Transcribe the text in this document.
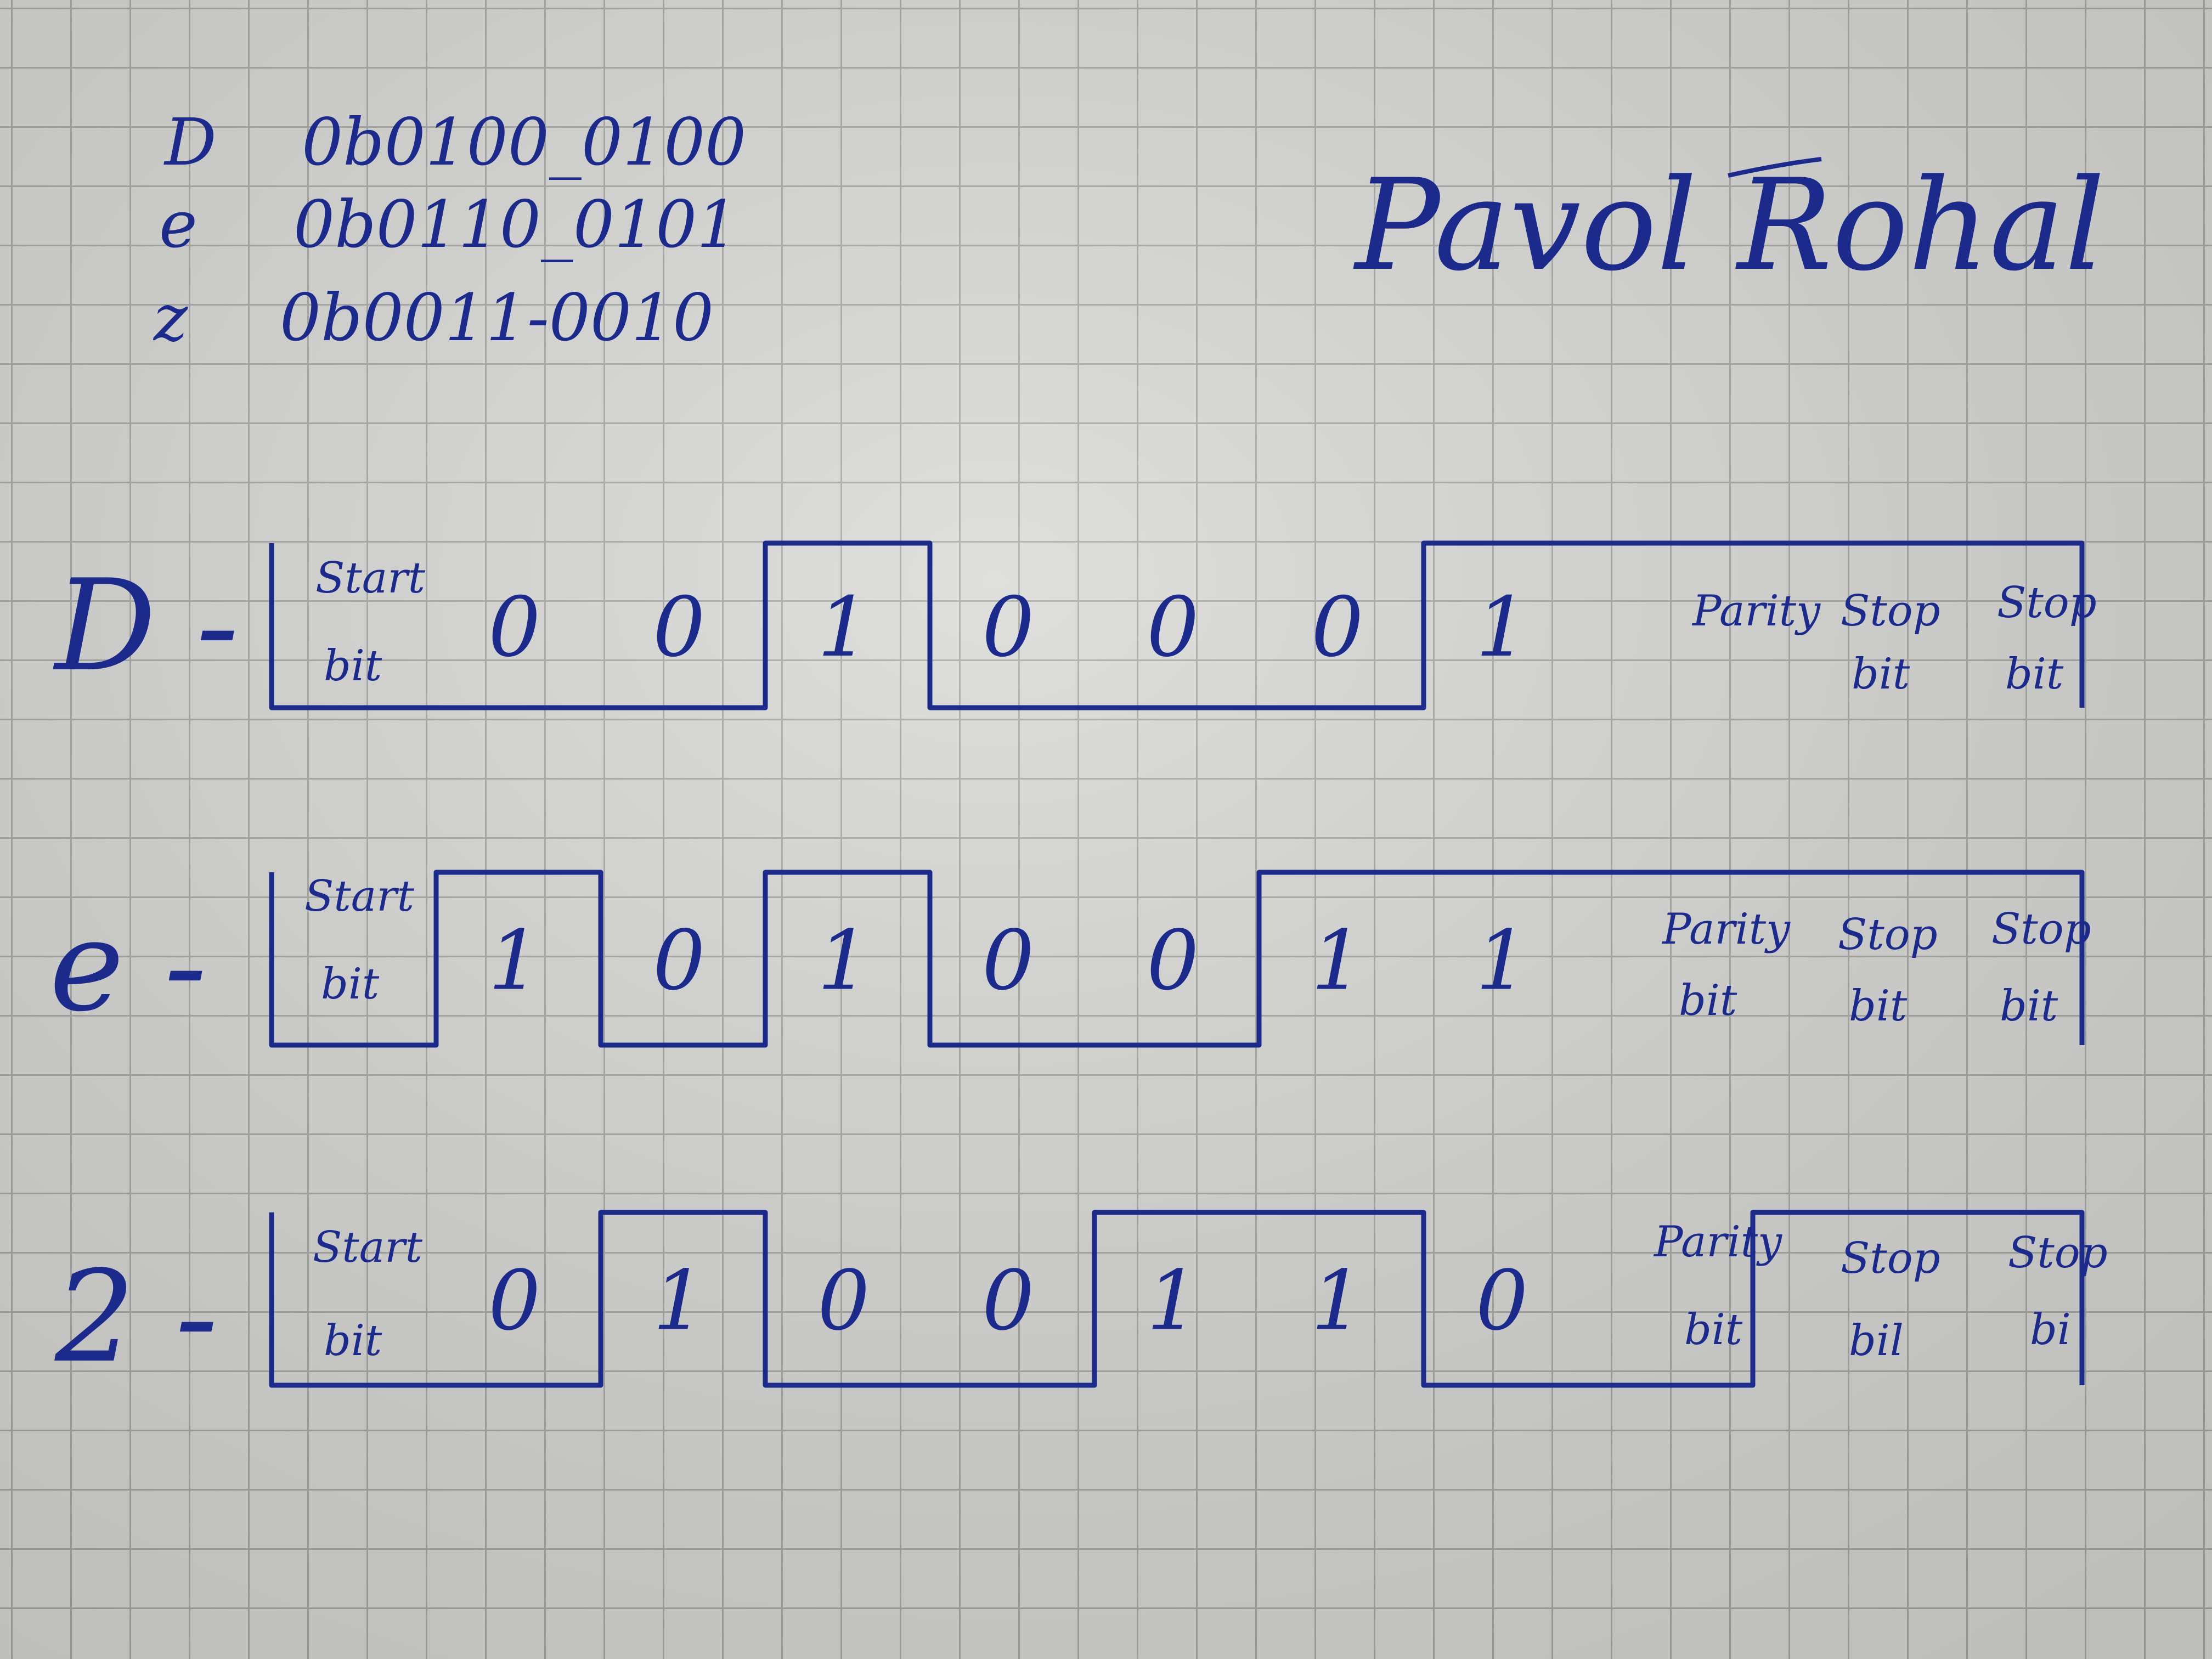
D 0b0100_0100
e 0b0110_0101
z 0b0011-0010
Pavol Rohal
D - Start
bit 0 0 1 0 0 0 1	Parity Stop
bit
Stop
bit
e - Start
bit 1 0 1 0 0 1 1	Parity
bit
Stop
bit
Stop
bit
2 - Start
bit 0 1 0 0 1 1 0
Parity
bit
Stop
bil
Stop
bi
